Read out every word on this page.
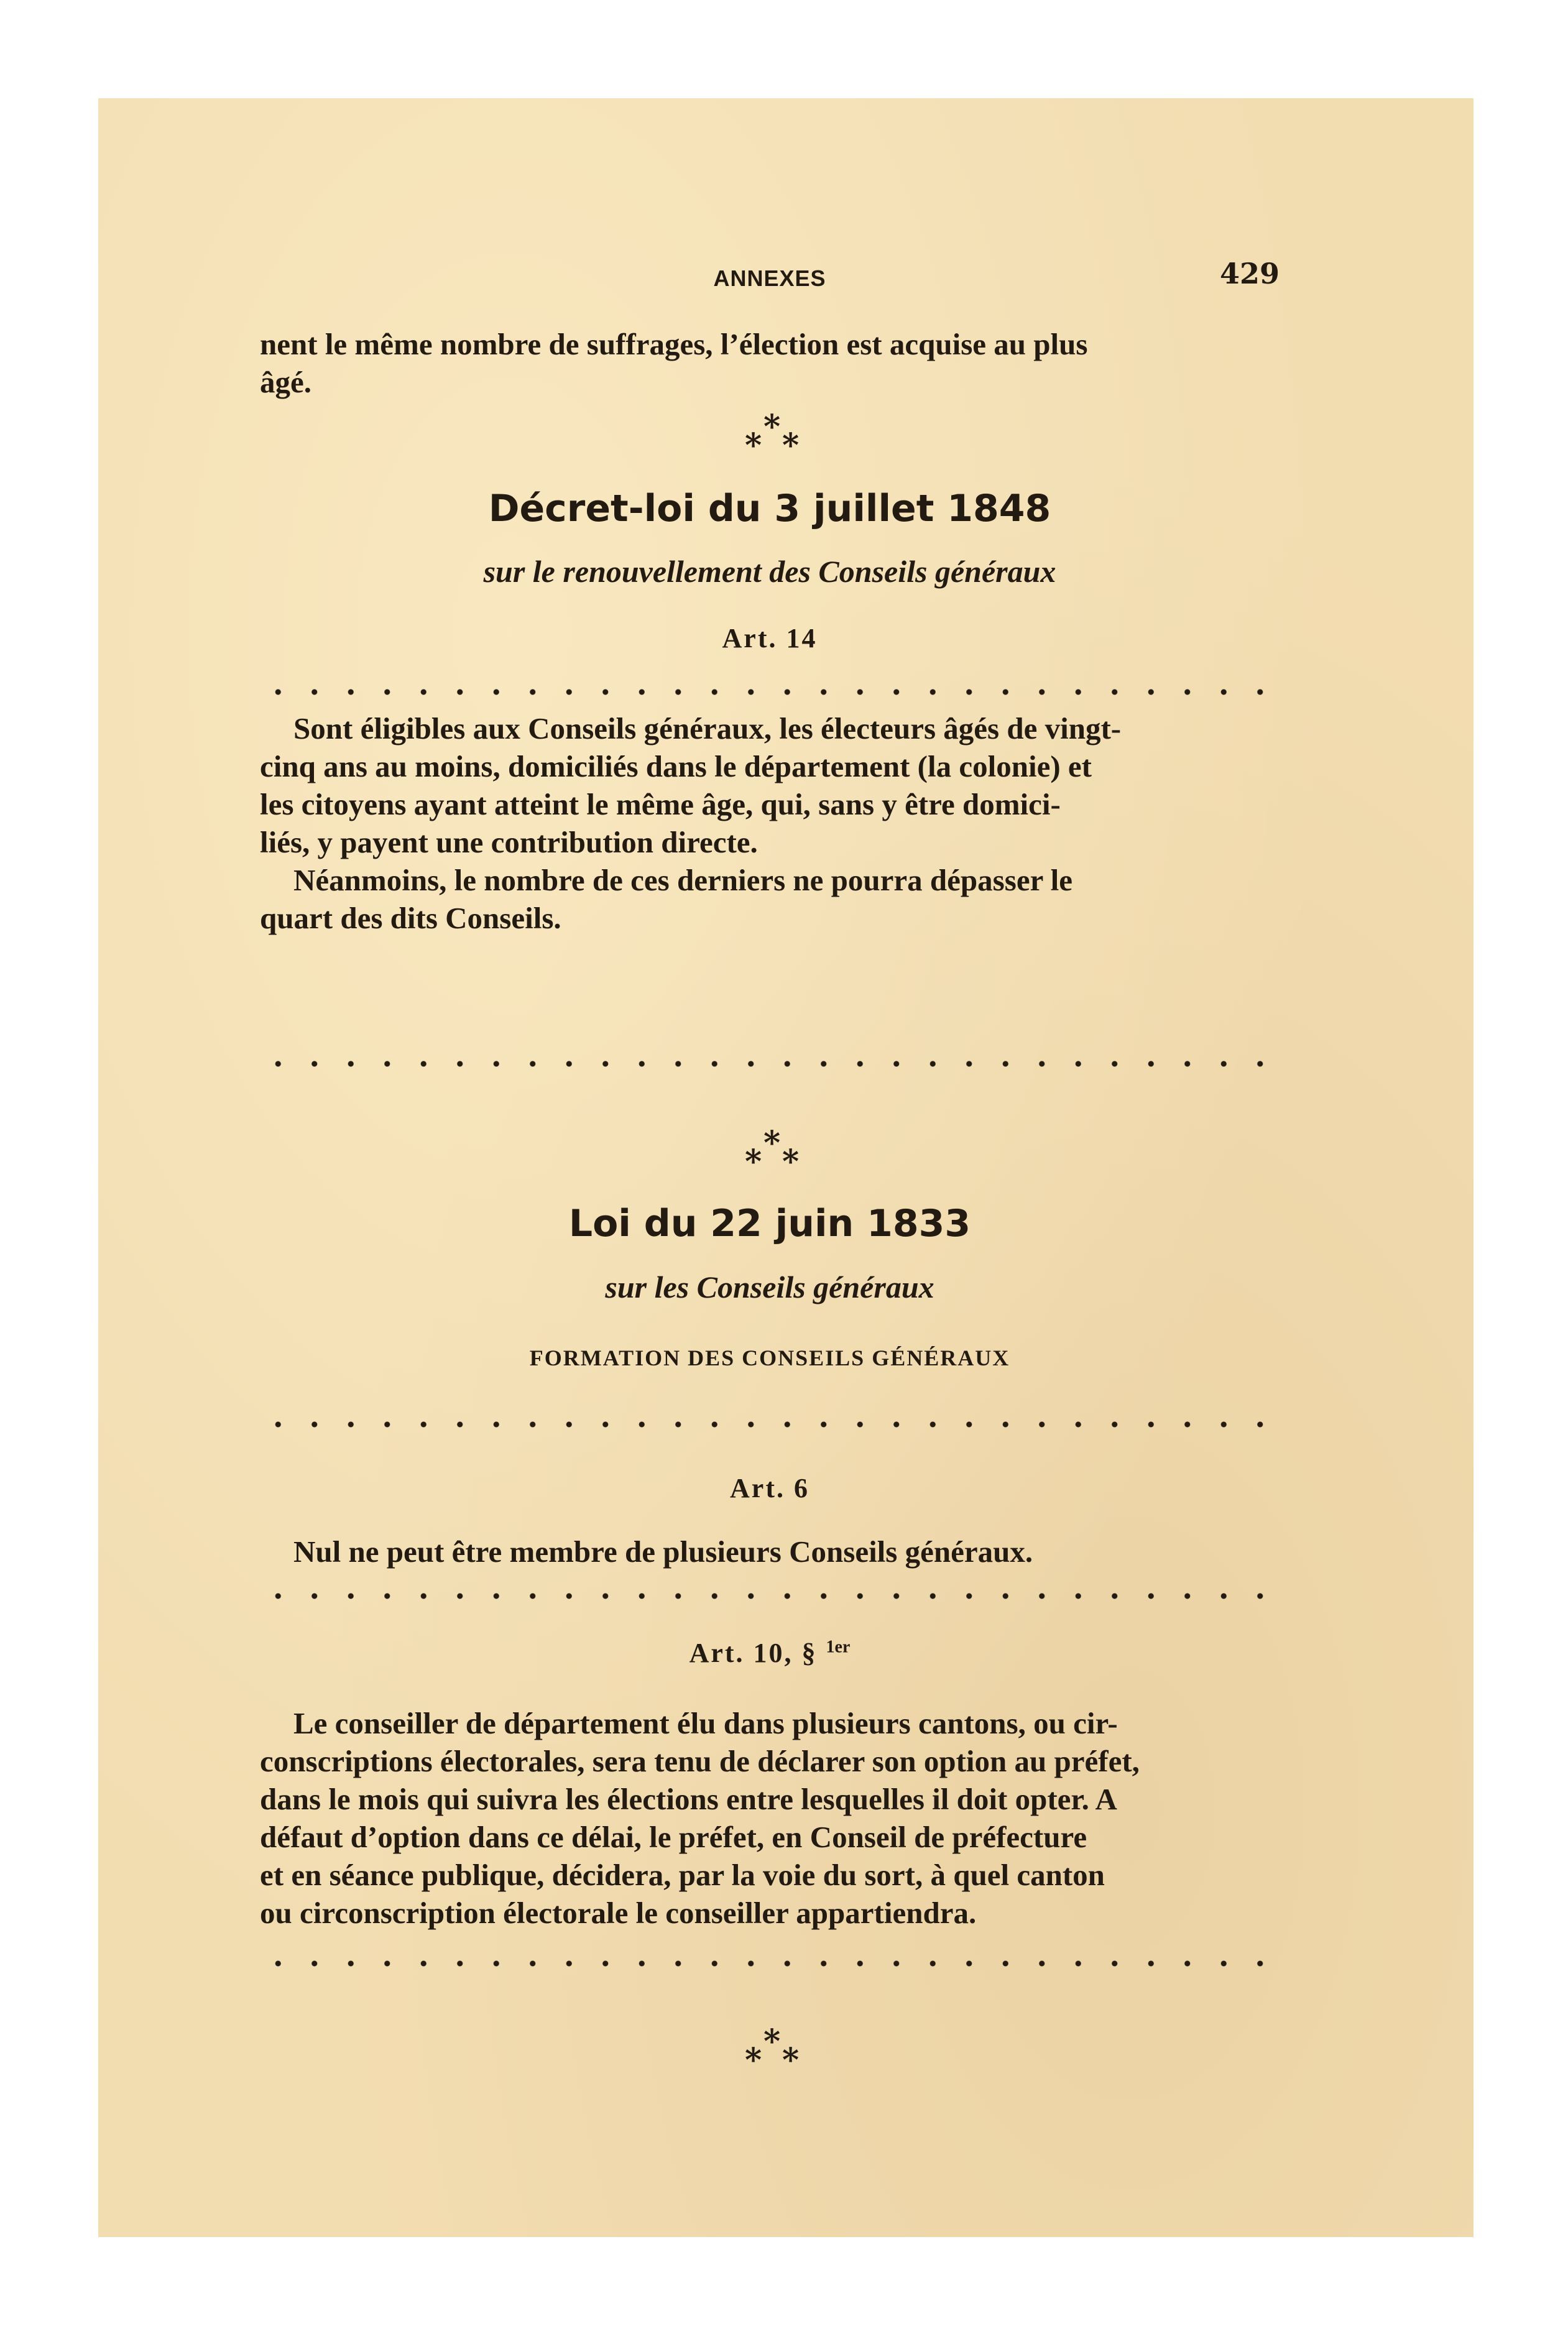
ANNEXES	429

nent le même nombre de suffrages, l’élection est acquise au plus
âgé.

*
* *
Décret-loi du 3 juillet 1848
sur le renouvellement des Conseils généraux
Art. 14

Sont éligibles aux Conseils généraux, les électeurs âgés de vingt-
cinq ans au moins, domiciliés dans le département (la colonie) et
les citoyens ayant atteint le même âge, qui, sans y être domici-
liés, y payent une contribution directe.

Néanmoins, le nombre de ces derniers ne pourra dépasser le
quart des dits Conseils.

*
* *
Loi du 22 juin 1833
sur les Conseils généraux
FORMATION DES CONSEILS GÉNÉRAUX
Art. 6

Nul ne peut être membre de plusieurs Conseils généraux.

Art. 10, § $^{1er}$

Le conseiller de département élu dans plusieurs cantons, ou cir-
conscriptions électorales, sera tenu de déclarer son option au préfet,
dans le mois qui suivra les élections entre lesquelles il doit opter. A
défaut d’option dans ce délai, le préfet, en Conseil de préfecture
et en séance publique, décidera, par la voie du sort, à quel canton
ou circonscription électorale le conseiller appartiendra.

*
* *
